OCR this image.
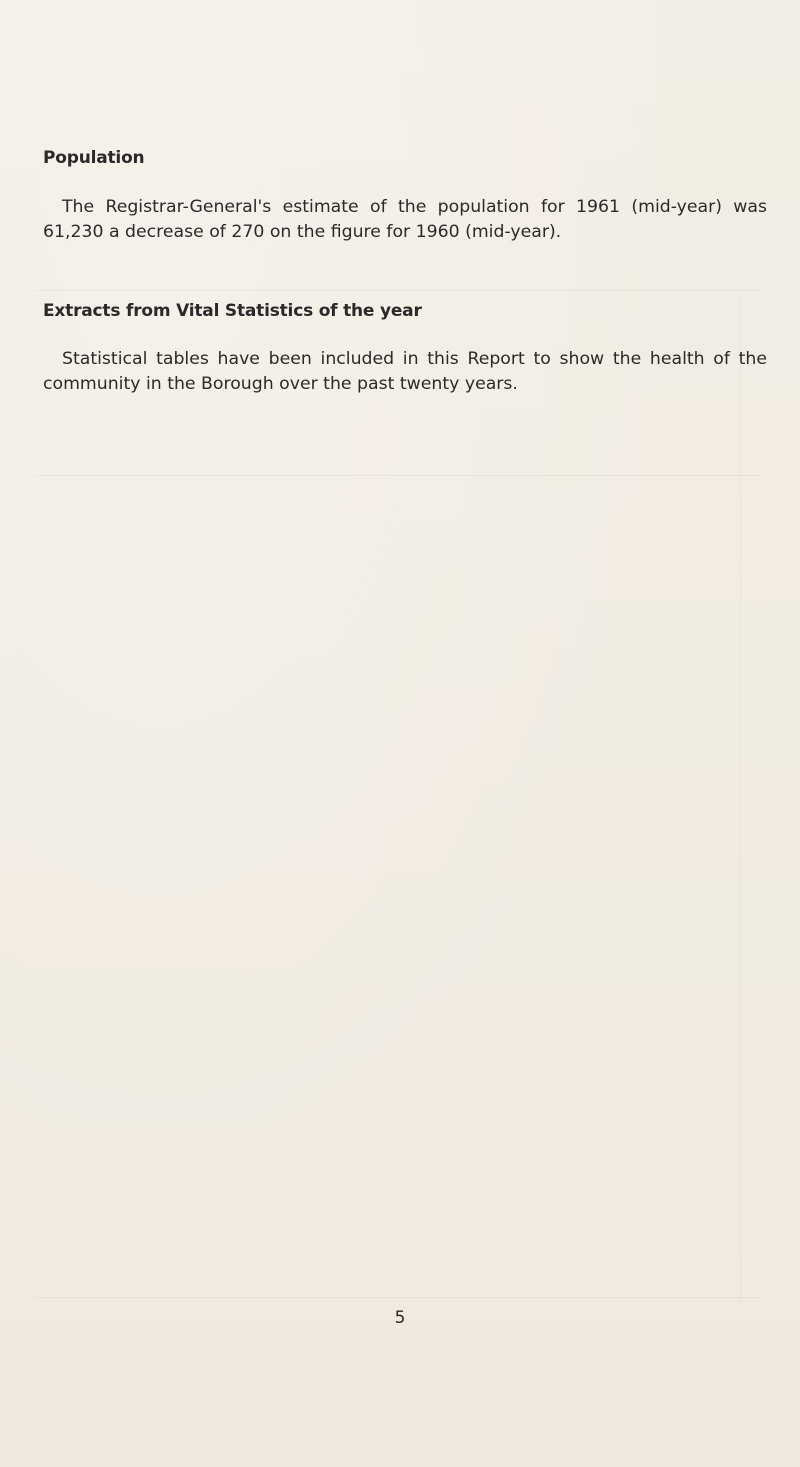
Population

The Registrar-General's estimate of the population for 1961 (mid-year) was 61,230 a decrease of 270 on the figure for 1960 (mid-year).

Extracts from Vital Statistics of the year

Statistical tables have been included in this Report to show the health of the community in the Borough over the past twenty years.

5
